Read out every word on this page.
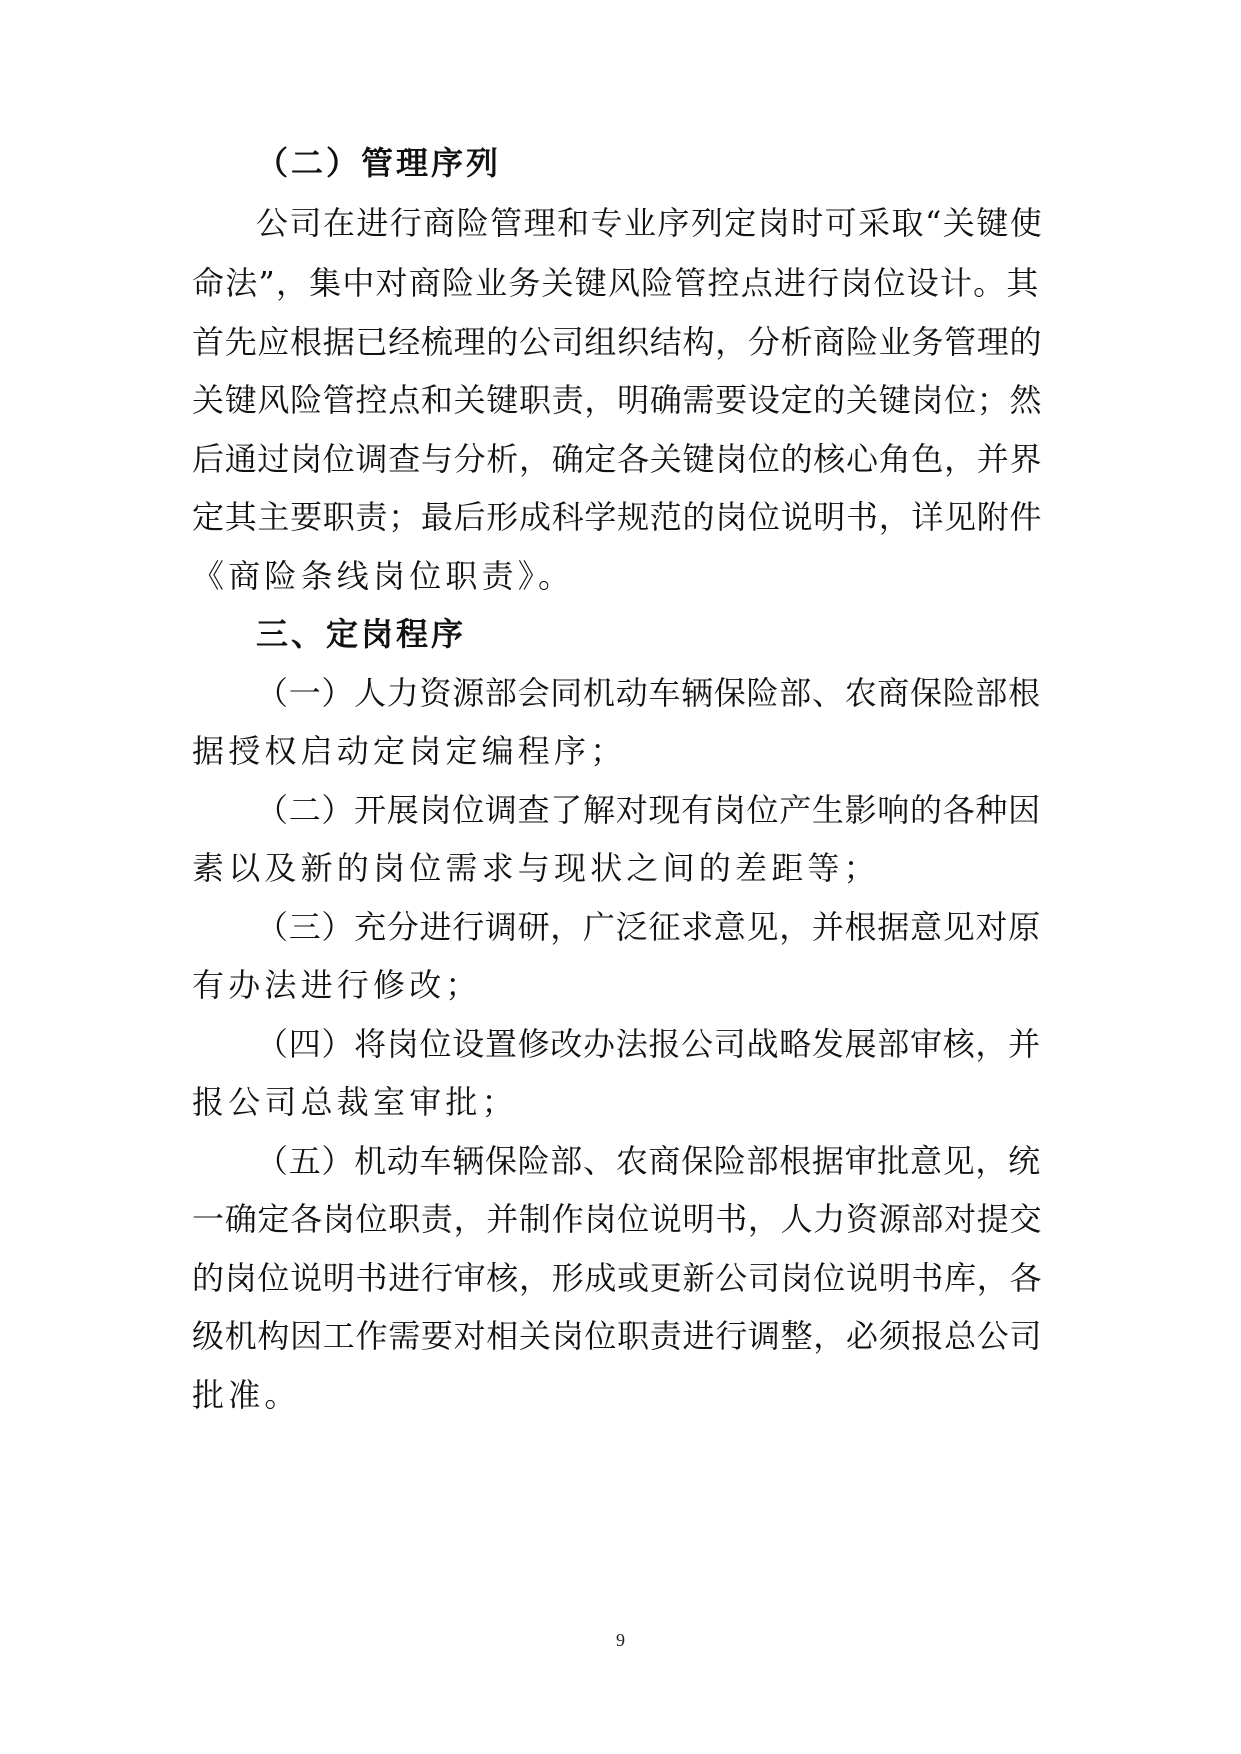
（二）管理序列
公司在进行商险管理和专业序列定岗时可采取“关键使
命法”，集中对商险业务关键风险管控点进行岗位设计。其
首先应根据已经梳理的公司组织结构，分析商险业务管理的
关键风险管控点和关键职责，明确需要设定的关键岗位；然
后通过岗位调查与分析，确定各关键岗位的核心角色，并界
定其主要职责；最后形成科学规范的岗位说明书，详见附件
《商险条线岗位职责》。
三、定岗程序
（一）人力资源部会同机动车辆保险部、农商保险部根
据授权启动定岗定编程序；
（二）开展岗位调查了解对现有岗位产生影响的各种因
素以及新的岗位需求与现状之间的差距等；
（三）充分进行调研，广泛征求意见，并根据意见对原
有办法进行修改；
（四）将岗位设置修改办法报公司战略发展部审核，并
报公司总裁室审批；
（五）机动车辆保险部、农商保险部根据审批意见，统
一确定各岗位职责，并制作岗位说明书，人力资源部对提交
的岗位说明书进行审核，形成或更新公司岗位说明书库，各
级机构因工作需要对相关岗位职责进行调整，必须报总公司
批准。
9
